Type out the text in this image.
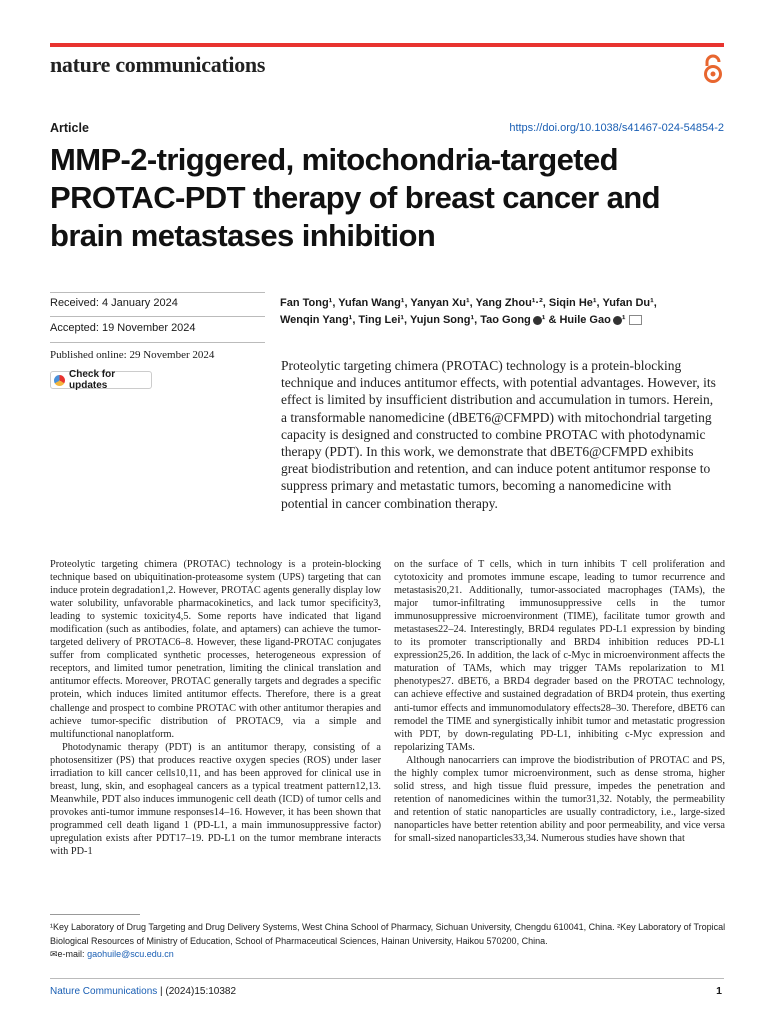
nature communications
Article	https://doi.org/10.1038/s41467-024-54854-2
MMP-2-triggered, mitochondria-targeted PROTAC-PDT therapy of breast cancer and brain metastases inhibition
Received: 4 January 2024
Accepted: 19 November 2024
Published online: 29 November 2024
Check for updates

Fan Tong¹, Yufan Wang¹, Yanyan Xu¹, Yang Zhou¹·², Siqin He¹, Yufan Du¹,
Wenqin Yang¹, Ting Lei¹, Yujun Song¹, Tao Gong ¹ & Huile Gao ¹

Proteolytic targeting chimera (PROTAC) technology is a protein-blocking technique and induces antitumor effects, with potential advantages. However, its effect is limited by insufficient distribution and accumulation in tumors. Herein, a transformable nanomedicine (dBET6@CFMPD) with mitochondrial targeting capacity is designed and constructed to combine PROTAC with photodynamic therapy (PDT). In this work, we demonstrate that dBET6@CFMPD exhibits great biodistribution and retention, and can induce potent antitumor response to suppress primary and metastatic tumors, becoming a nanomedicine with potential in cancer combination therapy.

Proteolytic targeting chimera (PROTAC) technology is a protein-blocking technique based on ubiquitination-proteasome system (UPS) targeting that can induce protein degradation1,2. However, PROTAC agents generally display low water solubility, unfavorable pharmacokinetics, and lack tumor specificity3, leading to systemic toxicity4,5. Some reports have indicated that ligand modification (such as antibodies, folate, and aptamers) can achieve the tumor-targeted delivery of PROTAC6–8. However, these ligand-PROTAC conjugates suffer from complicated synthetic processes, heterogeneous expression of receptors, and limited tumor penetration, limiting the clinical translation and antitumor effects. Moreover, PROTAC generally targets and degrades a specific protein, which induces limited antitumor effects. Therefore, there is a great challenge and prospect to combine PROTAC with other antitumor therapies and achieve tumor-specific distribution of PROTAC9, via a simple and multifunctional nanoplatform.

Photodynamic therapy (PDT) is an antitumor therapy, consisting of a photosensitizer (PS) that produces reactive oxygen species (ROS) under laser irradiation to kill cancer cells10,11, and has been approved for clinical use in breast, lung, skin, and esophageal cancers as a typical treatment pattern12,13. Meanwhile, PDT also induces immunogenic cell death (ICD) of tumor cells and provokes anti-tumor immune responses14–16. However, it has been shown that programmed cell death ligand 1 (PD-L1, a main immunosuppressive factor) upregulation exists after PDT17–19. PD-L1 on the tumor membrane interacts with PD-1

on the surface of T cells, which in turn inhibits T cell proliferation and cytotoxicity and promotes immune escape, leading to tumor recurrence and metastasis20,21. Additionally, tumor-associated macrophages (TAMs), the major tumor-infiltrating immunosuppressive cells in the tumor immunosuppressive microenvironment (TIME), facilitate tumor growth and metastases22–24. Interestingly, BRD4 regulates PD-L1 expression by binding to its promoter transcriptionally and BRD4 inhibition reduces PD-L1 expression25,26. In addition, the lack of c-Myc in microenvironment affects the maturation of TAMs, which may trigger TAMs repolarization to M1 phenotypes27. dBET6, a BRD4 degrader based on the PROTAC technology, can achieve effective and sustained degradation of BRD4 protein, thus exerting anti-tumor effects and immunomodulatory effects28–30. Therefore, dBET6 can remodel the TIME and synergistically inhibit tumor and metastatic progression with PDT, by down-regulating PD-L1, inhibiting c-Myc expression and repolarizing TAMs.

Although nanocarriers can improve the biodistribution of PROTAC and PS, the highly complex tumor microenvironment, such as dense stroma, higher solid stress, and high tissue fluid pressure, impedes the penetration and retention of nanomedicines within the tumor31,32. Notably, the permeability and retention of static nanoparticles are usually contradictory, i.e., large-sized nanoparticles have better retention ability and poor permeability, and vice versa for small-sized nanoparticles33,34. Numerous studies have shown that

¹Key Laboratory of Drug Targeting and Drug Delivery Systems, West China School of Pharmacy, Sichuan University, Chengdu 610041, China. ²Key Laboratory of Tropical Biological Resources of Ministry of Education, School of Pharmaceutical Sciences, Hainan University, Haikou 570200, China.
✉e-mail: gaohuile@scu.edu.cn
Nature Communications | (2024)15:10382	1
